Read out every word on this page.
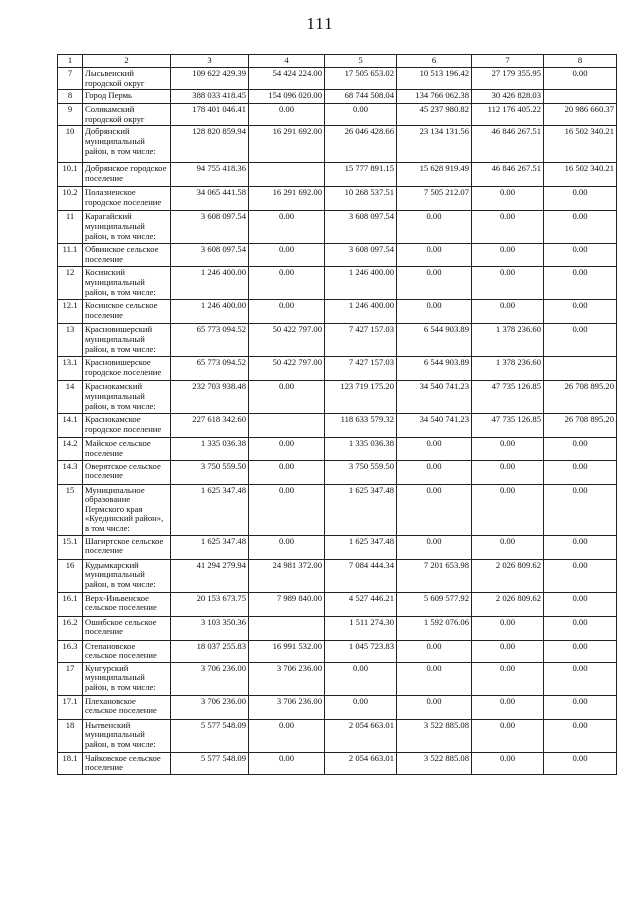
111
1	2	3	4	5	6	7	8
7	Лысьвенский городской округ	109 622 429.39	54 424 224.00	17 505 653.02	10 513 196.42	27 179 355.95	0.00
8	Город Пермь	388 033 418.45	154 096 020.00	68 744 508.04	134 766 062.38	30 426 828.03	
9	Соликамский городской округ	178 401 046.41	0.00	0.00	45 237 980.82	112 176 405.22	20 986 660.37
10	Добрянский муниципальный район, в том числе:	128 820 859.94	16 291 692.00	26 046 428.66	23 134 131.56	46 846 267.51	16 502 340.21
10.1	Добрянское городское поселение	94 755 418.36		15 777 891.15	15 628 919.49	46 846 267.51	16 502 340.21
10.2	Полазненское городское поселение	34 065 441.58	16 291 692.00	10 268 537.51	7 505 212.07	0.00	0.00
11	Карагайский муниципальный район, в том числе:	3 608 097.54	0.00	3 608 097.54	0.00	0.00	0.00
11.1	Обвинское сельское поселение	3 608 097.54	0.00	3 608 097.54	0.00	0.00	0.00
12	Косинский муниципальный район, в том числе:	1 246 400.00	0.00	1 246 400.00	0.00	0.00	0.00
12.1	Косинское сельское поселение	1 246 400.00	0.00	1 246 400.00	0.00	0.00	0.00
13	Красновишерский муниципальный район, в том числе:	65 773 094.52	50 422 797.00	7 427 157.03	6 544 903.89	1 378 236.60	0.00
13.1	Красновишерское городское поселение	65 773 094.52	50 422 797.00	7 427 157.03	6 544 903.89	1 378 236.60	
14	Краснокамский муниципальный район, в том числе:	232 703 938.48	0.00	123 719 175.20	34 540 741.23	47 735 126.85	26 708 895.20
14.1	Краснокамское городское поселение	227 618 342.60		118 633 579.32	34 540 741.23	47 735 126.85	26 708 895.20
14.2	Майское сельское поселение	1 335 036.38	0.00	1 335 036.38	0.00	0.00	0.00
14.3	Оверятское сельское поселение	3 750 559.50	0.00	3 750 559.50	0.00	0.00	0.00
15	Муниципальное образование Пермского края «Куединский район», в том числе:	1 625 347.48	0.00	1 625 347.48	0.00	0.00	0.00
15.1	Шагиртское сельское поселение	1 625 347.48	0.00	1 625 347.48	0.00	0.00	0.00
16	Кудымкарский муниципальный район, в том числе:	41 294 279.94	24 981 372.00	7 084 444.34	7 201 653.98	2 026 809.62	0.00
16.1	Верх-Иньвенское сельское поселение	20 153 673.75	7 989 840.00	4 527 446.21	5 609 577.92	2 026 809.62	0.00
16.2	Ошибское сельское поселение	3 103 350.36		1 511 274.30	1 592 076.06	0.00	0.00
16.3	Степановское сельское поселение	18 037 255.83	16 991 532.00	1 045 723.83	0.00	0.00	0.00
17	Кунгурский муниципальный район, в том числе:	3 706 236.00	3 706 236.00	0.00	0.00	0.00	0.00
17.1	Плехановское сельское поселение	3 706 236.00	3 706 236.00	0.00	0.00	0.00	0.00
18	Нытвенский муниципальный район, в том числе:	5 577 548.09	0.00	2 054 663.01	3 522 885.08	0.00	0.00
18.1	Чайковское сельское поселение	5 577 548.09	0.00	2 054 663.01	3 522 885.08	0.00	0.00
